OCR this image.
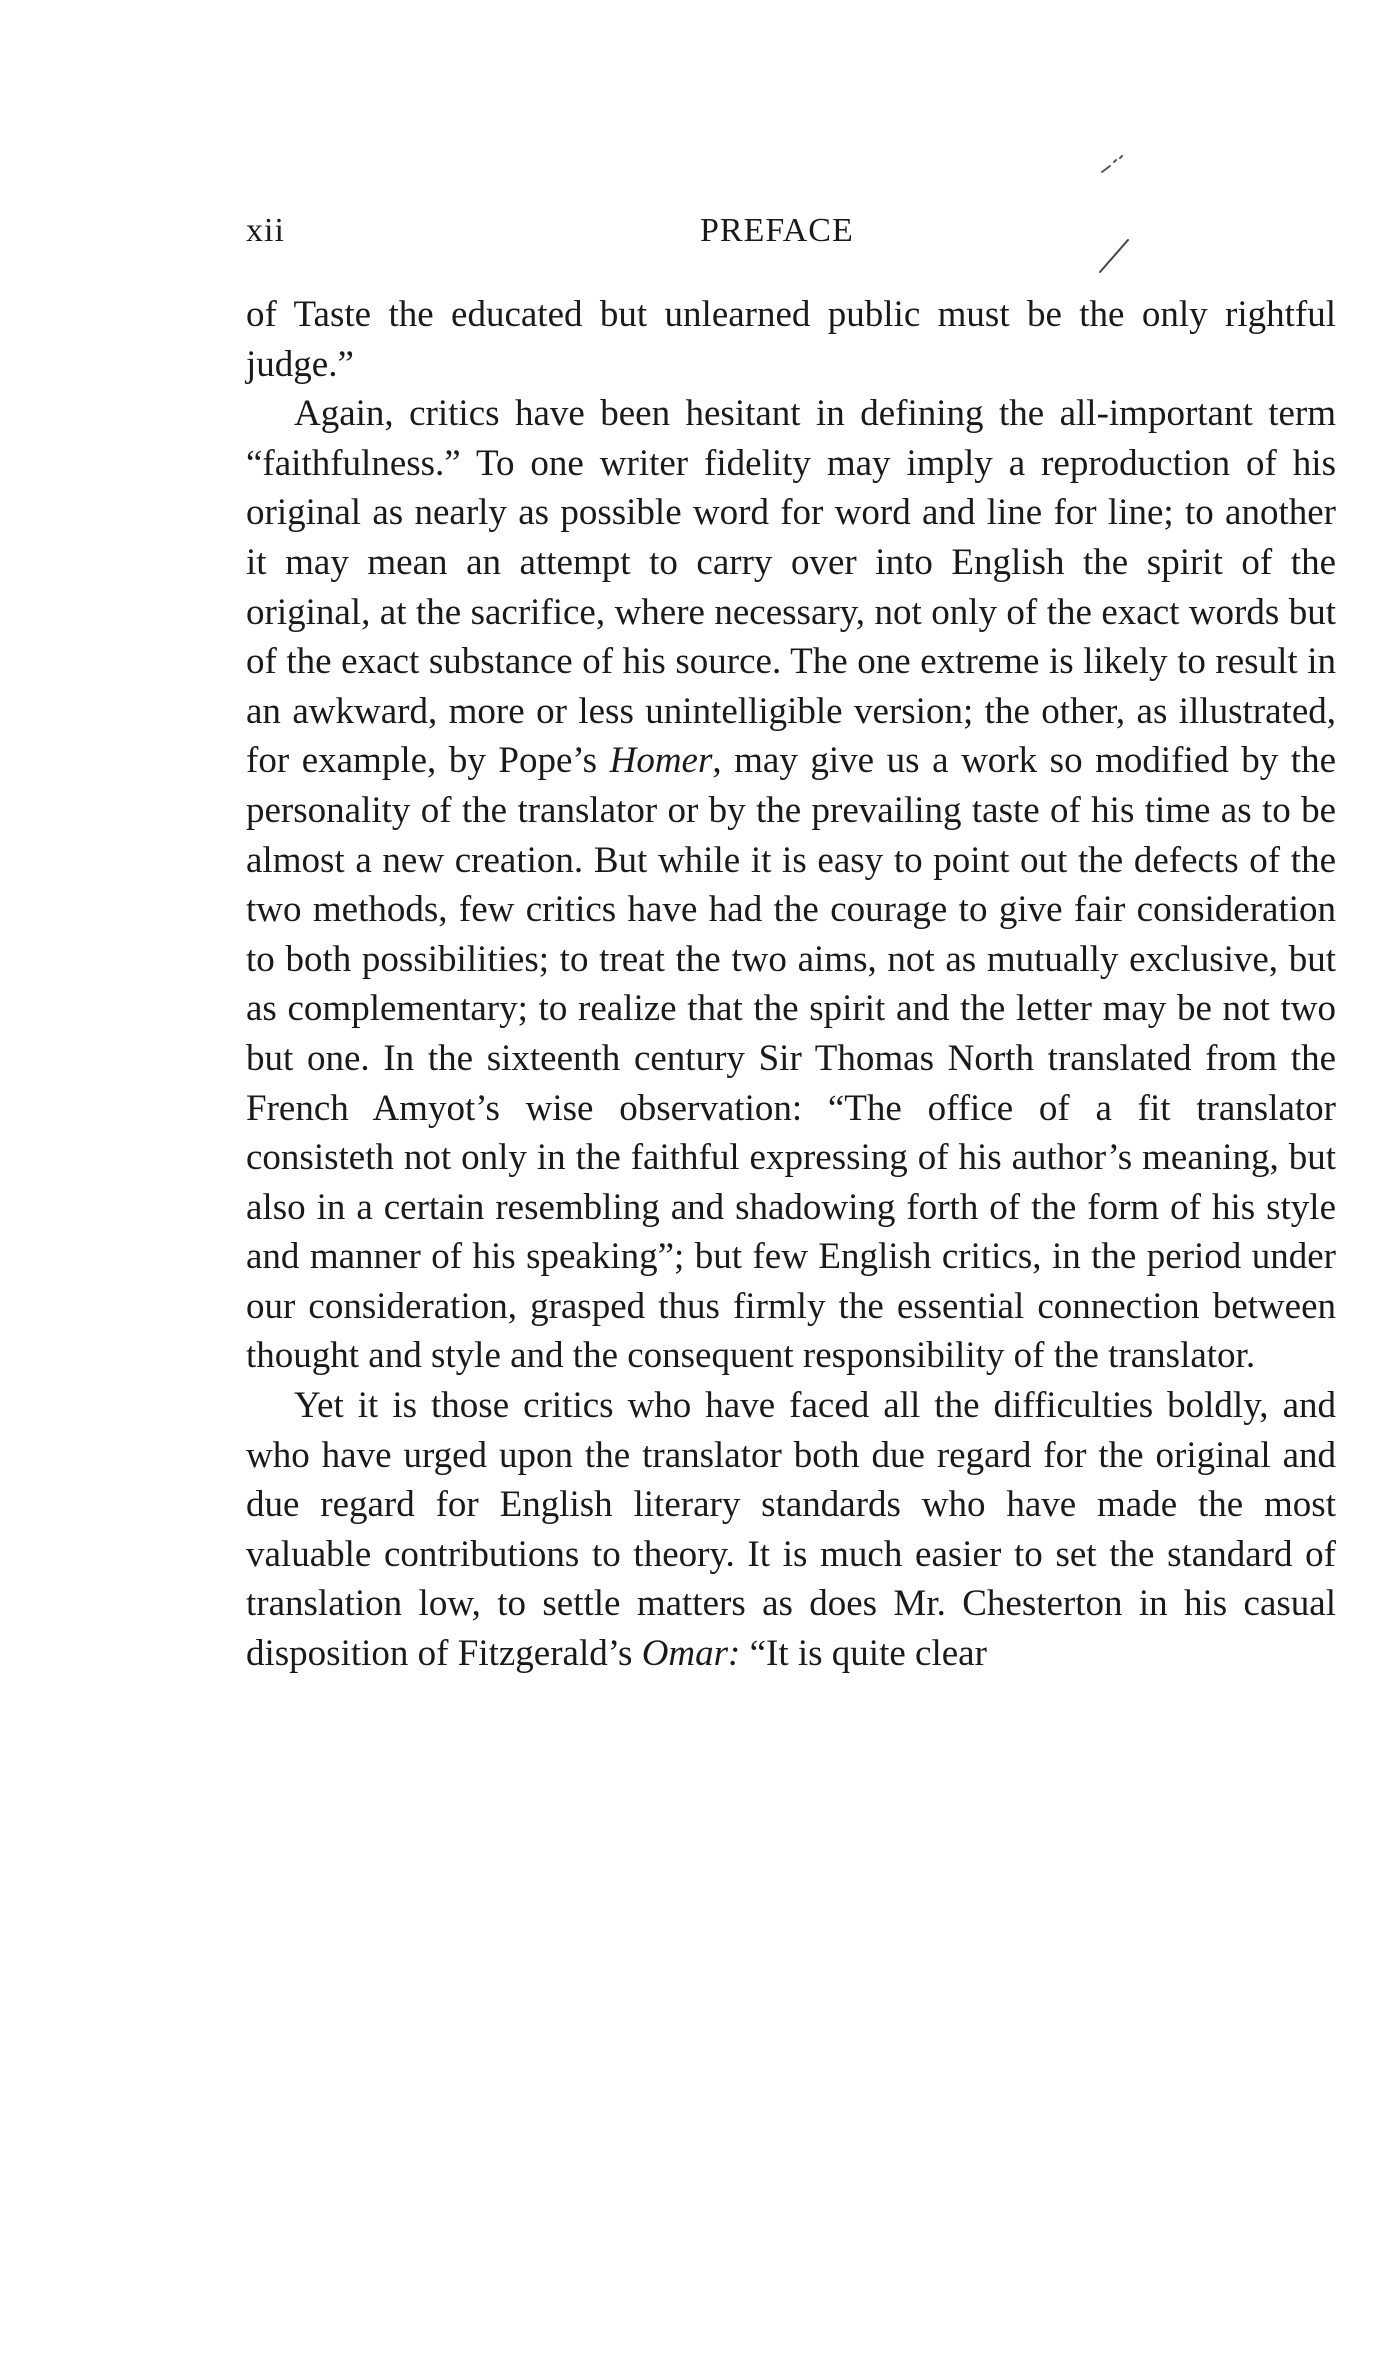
xii	PREFACE

of Taste the educated but unlearned public must be the only rightful judge.”

Again, critics have been hesitant in defining the all-important term “faithfulness.” To one writer fidelity may imply a reproduction of his original as nearly as possible word for word and line for line; to another it may mean an attempt to carry over into English the spirit of the original, at the sacrifice, where necessary, not only of the exact words but of the exact substance of his source. The one extreme is likely to result in an awkward, more or less unintelligible version; the other, as illustrated, for example, by Pope’s Homer, may give us a work so modified by the personality of the translator or by the prevailing taste of his time as to be almost a new creation. But while it is easy to point out the defects of the two methods, few critics have had the courage to give fair consideration to both possibilities; to treat the two aims, not as mutually exclusive, but as complementary; to realize that the spirit and the letter may be not two but one. In the sixteenth century Sir Thomas North translated from the French Amyot’s wise observation: “The office of a fit translator consisteth not only in the faithful expressing of his author’s meaning, but also in a certain resembling and shadowing forth of the form of his style and manner of his speaking”; but few English critics, in the period under our consideration, grasped thus firmly the essential connection between thought and style and the consequent responsibility of the translator.

Yet it is those critics who have faced all the difficulties boldly, and who have urged upon the translator both due regard for the original and due regard for English literary standards who have made the most valuable contributions to theory. It is much easier to set the standard of translation low, to settle matters as does Mr. Chesterton in his casual disposition of Fitzgerald’s Omar: “It is quite clear
